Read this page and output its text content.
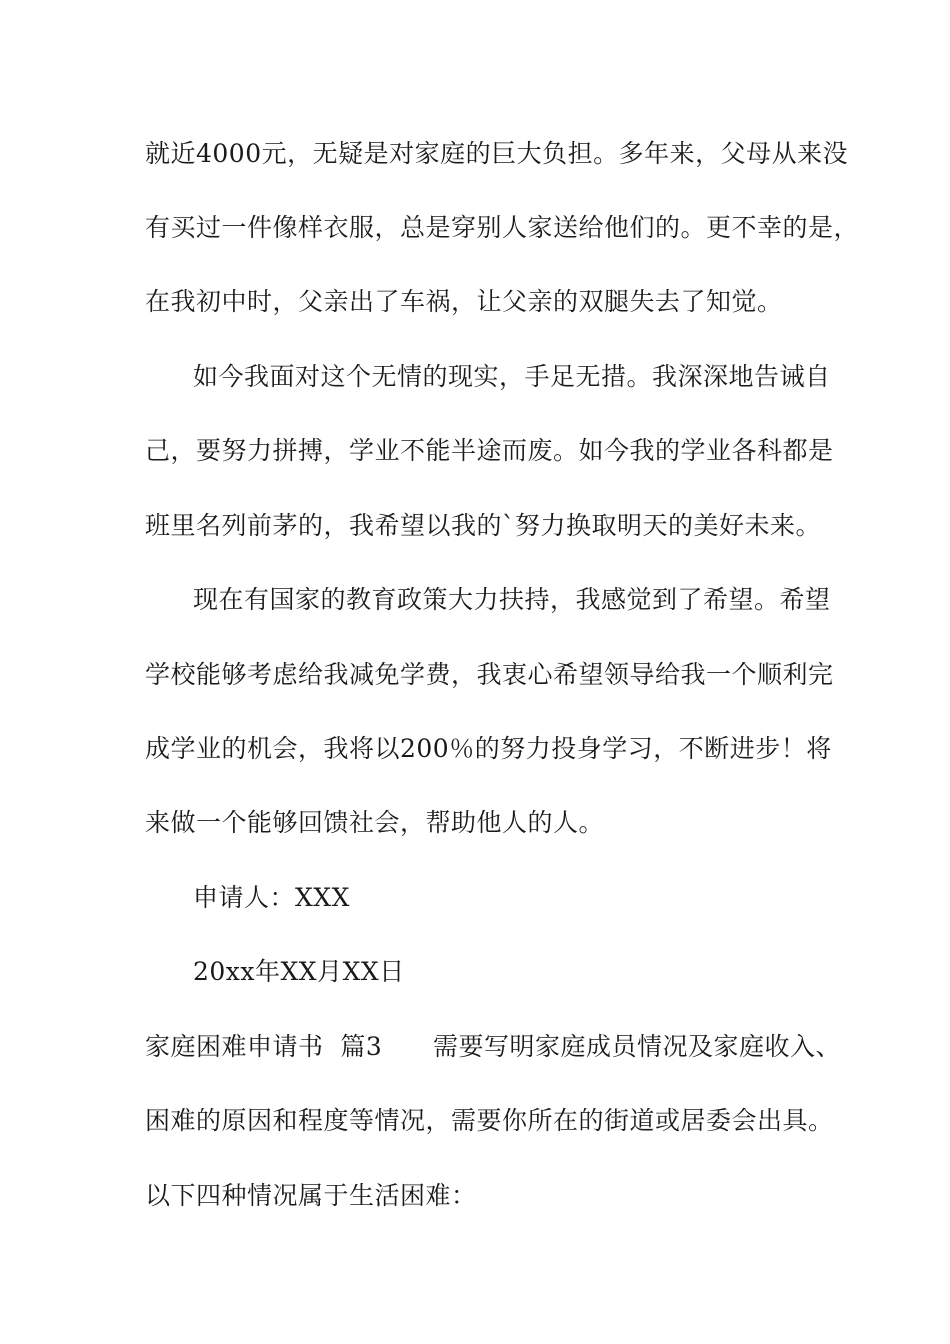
就近4000元，无疑是对家庭的巨大负担。多年来，父母从来没
有买过一件像样衣服，总是穿别人家送给他们的。更不幸的是，
在我初中时，父亲出了车祸，让父亲的双腿失去了知觉。
如今我面对这个无情的现实，手足无措。我深深地告诫自
己，要努力拼搏，学业不能半途而废。如今我的学业各科都是
班里名列前茅的，我希望以我的`努力换取明天的美好未来。
现在有国家的教育政策大力扶持，我感觉到了希望。希望
学校能够考虑给我减免学费，我衷心希望领导给我一个顺利完
成学业的机会，我将以200％的努力投身学习，不断进步！将
来做一个能够回馈社会，帮助他人的人。
申请人：XXX
20xx年XX月XX日
家庭困难申请书  篇3      需要写明家庭成员情况及家庭收入、
困难的原因和程度等情况，需要你所在的街道或居委会出具。
以下四种情况属于生活困难：
